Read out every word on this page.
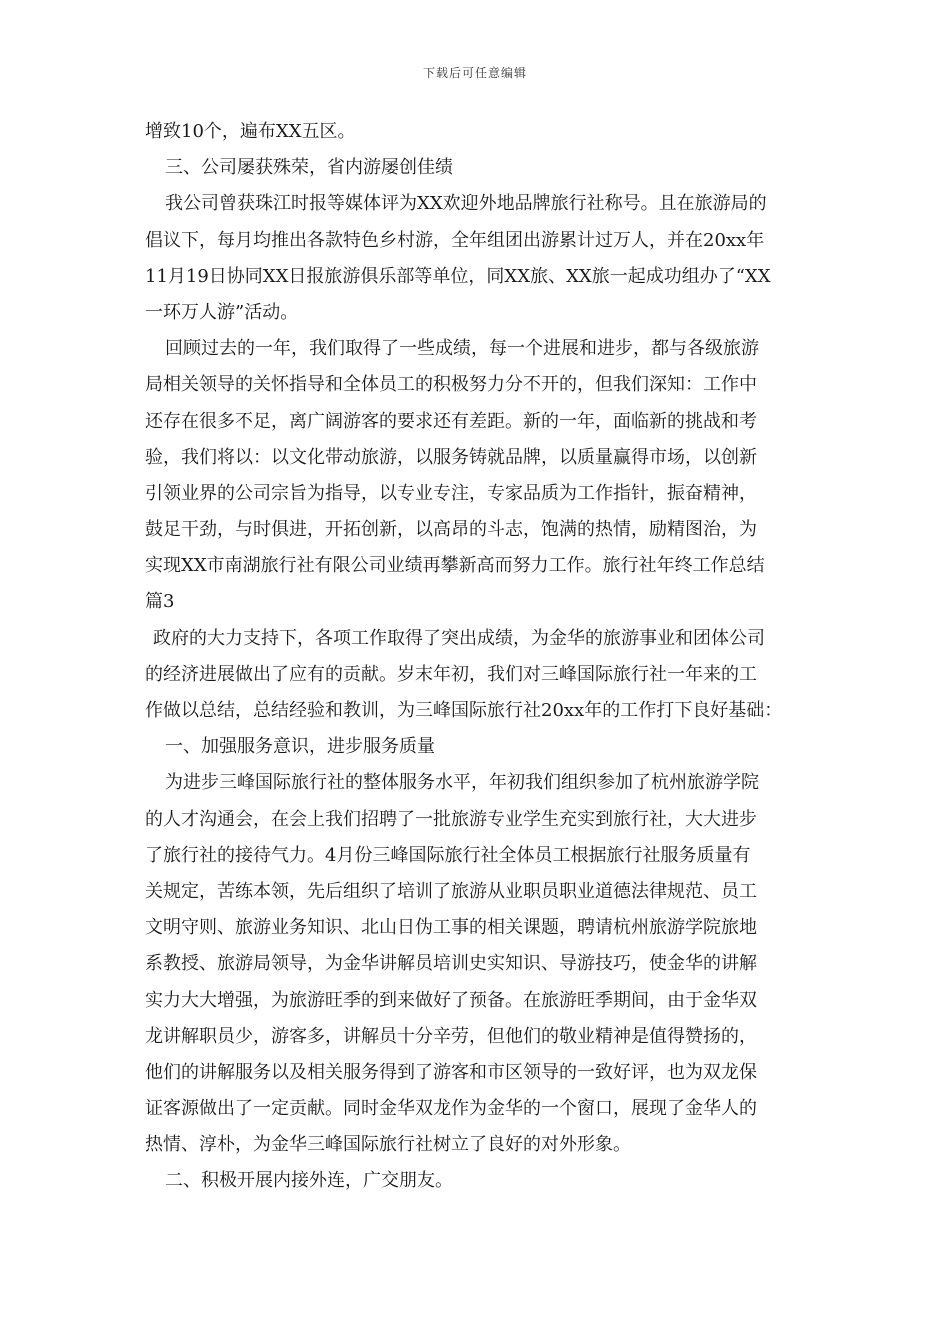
下载后可任意编辑
增致10个，遍布XX五区。
三、公司屡获殊荣，省内游屡创佳绩
我公司曾获珠江时报等媒体评为XX欢迎外地品牌旅行社称号。且在旅游局的
倡议下，每月均推出各款特色乡村游，全年组团出游累计过万人，并在20xx年
11月19日协同XX日报旅游俱乐部等单位，同XX旅、XX旅一起成功组办了“XX
一环万人游”活动。
回顾过去的一年，我们取得了一些成绩，每一个进展和进步，都与各级旅游
局相关领导的关怀指导和全体员工的积极努力分不开的，但我们深知：工作中
还存在很多不足，离广阔游客的要求还有差距。新的一年，面临新的挑战和考
验，我们将以：以文化带动旅游，以服务铸就品牌，以质量赢得市场，以创新
引领业界的公司宗旨为指导，以专业专注，专家品质为工作指针，振奋精神，
鼓足干劲，与时俱进，开拓创新，以高昂的斗志，饱满的热情，励精图治，为
实现XX市南湖旅行社有限公司业绩再攀新高而努力工作。旅行社年终工作总结
篇3
政府的大力支持下，各项工作取得了突出成绩，为金华的旅游事业和团体公司
的经济进展做出了应有的贡献。岁末年初，我们对三峰国际旅行社一年来的工
作做以总结，总结经验和教训，为三峰国际旅行社20xx年的工作打下良好基础：
一、加强服务意识，进步服务质量
为进步三峰国际旅行社的整体服务水平，年初我们组织参加了杭州旅游学院
的人才沟通会，在会上我们招聘了一批旅游专业学生充实到旅行社，大大进步
了旅行社的接待气力。4月份三峰国际旅行社全体员工根据旅行社服务质量有
关规定，苦练本领，先后组织了培训了旅游从业职员职业道德法律规范、员工
文明守则、旅游业务知识、北山日伪工事的相关课题，聘请杭州旅游学院旅地
系教授、旅游局领导，为金华讲解员培训史实知识、导游技巧，使金华的讲解
实力大大增强，为旅游旺季的到来做好了预备。在旅游旺季期间，由于金华双
龙讲解职员少，游客多，讲解员十分辛劳，但他们的敬业精神是值得赞扬的，
他们的讲解服务以及相关服务得到了游客和市区领导的一致好评，也为双龙保
证客源做出了一定贡献。同时金华双龙作为金华的一个窗口，展现了金华人的
热情、淳朴，为金华三峰国际旅行社树立了良好的对外形象。
二、积极开展内接外连，广交朋友。
